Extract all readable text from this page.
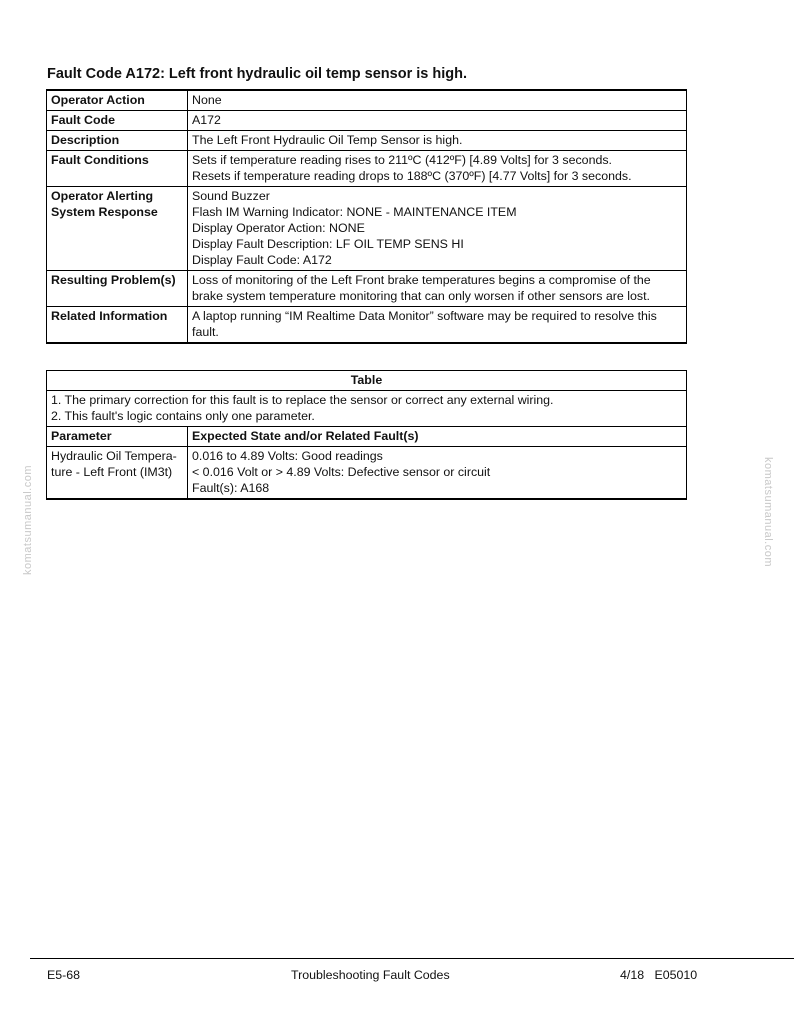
Fault Code A172: Left front hydraulic oil temp sensor is high.
Operator Action	None

Fault Code	A172

Description	The Left Front Hydraulic Oil Temp Sensor is high.

Fault Conditions	Sets if temperature reading rises to 211ºC (412ºF) [4.89 Volts] for 3 seconds.
Resets if temperature reading drops to 188ºC (370ºF) [4.77 Volts] for 3 seconds.

Operator Alerting
System Response	Sound Buzzer
Flash IM Warning Indicator: NONE - MAINTENANCE ITEM
Display Operator Action: NONE
Display Fault Description: LF OIL TEMP SENS HI
Display Fault Code: A172

Resulting Problem(s)	Loss of monitoring of the Left Front brake temperatures begins a compromise of the
brake system temperature monitoring that can only worsen if other sensors are lost.

Related Information	A laptop running “IM Realtime Data Monitor” software may be required to resolve this
fault.
Table	

1. The primary correction for this fault is to replace the sensor or correct any external wiring.
2. This fault's logic contains only one parameter.	

Parameter	Expected State and/or Related Fault(s)

Hydraulic Oil Tempera-
ture - Left Front (IM3t)	0.016 to 4.89 Volts: Good readings
< 0.016 Volt or > 4.89 Volts: Defective sensor or circuit
Fault(s): A168
komatsumanual.com	komatsumanual.com
E5-68	Troubleshooting Fault Codes	4/18   E05010
